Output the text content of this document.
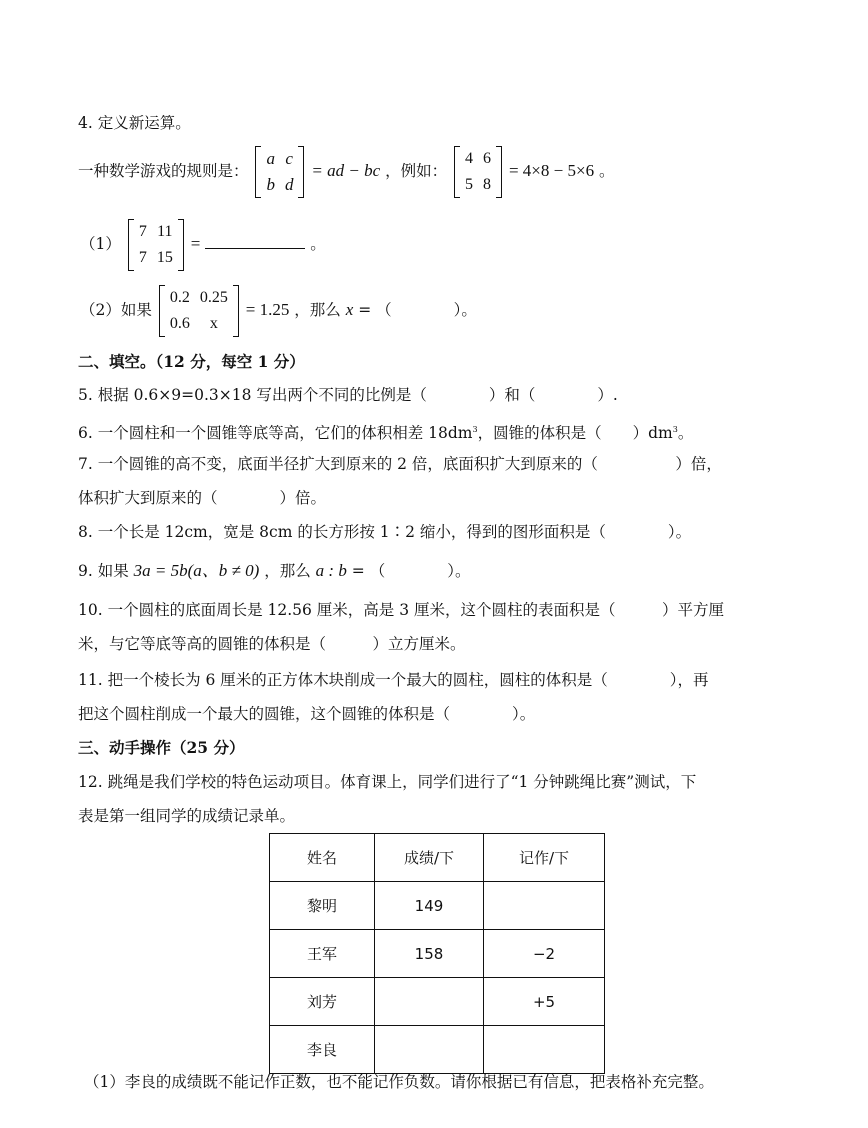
4. 定义新运算。
一种数学游戏的规则是：
a	c
b	d
= ad − bc ，例如：
4	6
5	8
= 4×8 − 5×6 。
（1）
7	11
7	15
=	。
（2）如果
0.2	0.25
0.6	x
= 1.25 ，那么 x = （　　　　）。
二、填空。（12 分，每空 1 分）
5. 根据 0.6×9=0.3×18 写出两个不同的比例是（　　　　）和（　　　　）.
6. 一个圆柱和一个圆锥等底等高，它们的体积相差 $18dm^3$，圆锥的体积是（　　）$dm^3$。
7. 一个圆锥的高不变，底面半径扩大到原来的 2 倍，底面积扩大到原来的（　　　　　）倍，
体积扩大到原来的（　　　　）倍。
8. 一个长是 12cm，宽是 8cm 的长方形按 1∶2 缩小，得到的图形面积是（　　　　）。
9. 如果 3a = 5b(a、b ≠ 0) ，那么 a : b = （　　　　）。
10. 一个圆柱的底面周长是 12.56 厘米，高是 3 厘米，这个圆柱的表面积是（　　　）平方厘
米，与它等底等高的圆锥的体积是（　　　）立方厘米。
11. 把一个棱长为 6 厘米的正方体木块削成一个最大的圆柱，圆柱的体积是（　　　　），再
把这个圆柱削成一个最大的圆锥，这个圆锥的体积是（　　　　）。
三、动手操作（25 分）
12. 跳绳是我们学校的特色运动项目。体育课上，同学们进行了“1 分钟跳绳比赛”测试，下
表是第一组同学的成绩记录单。
姓名	成绩/下	记作/下
黎明	149	
王军	158	−2
刘芳		+5
李良		
（1）李良的成绩既不能记作正数，也不能记作负数。请你根据已有信息，把表格补充完整。
